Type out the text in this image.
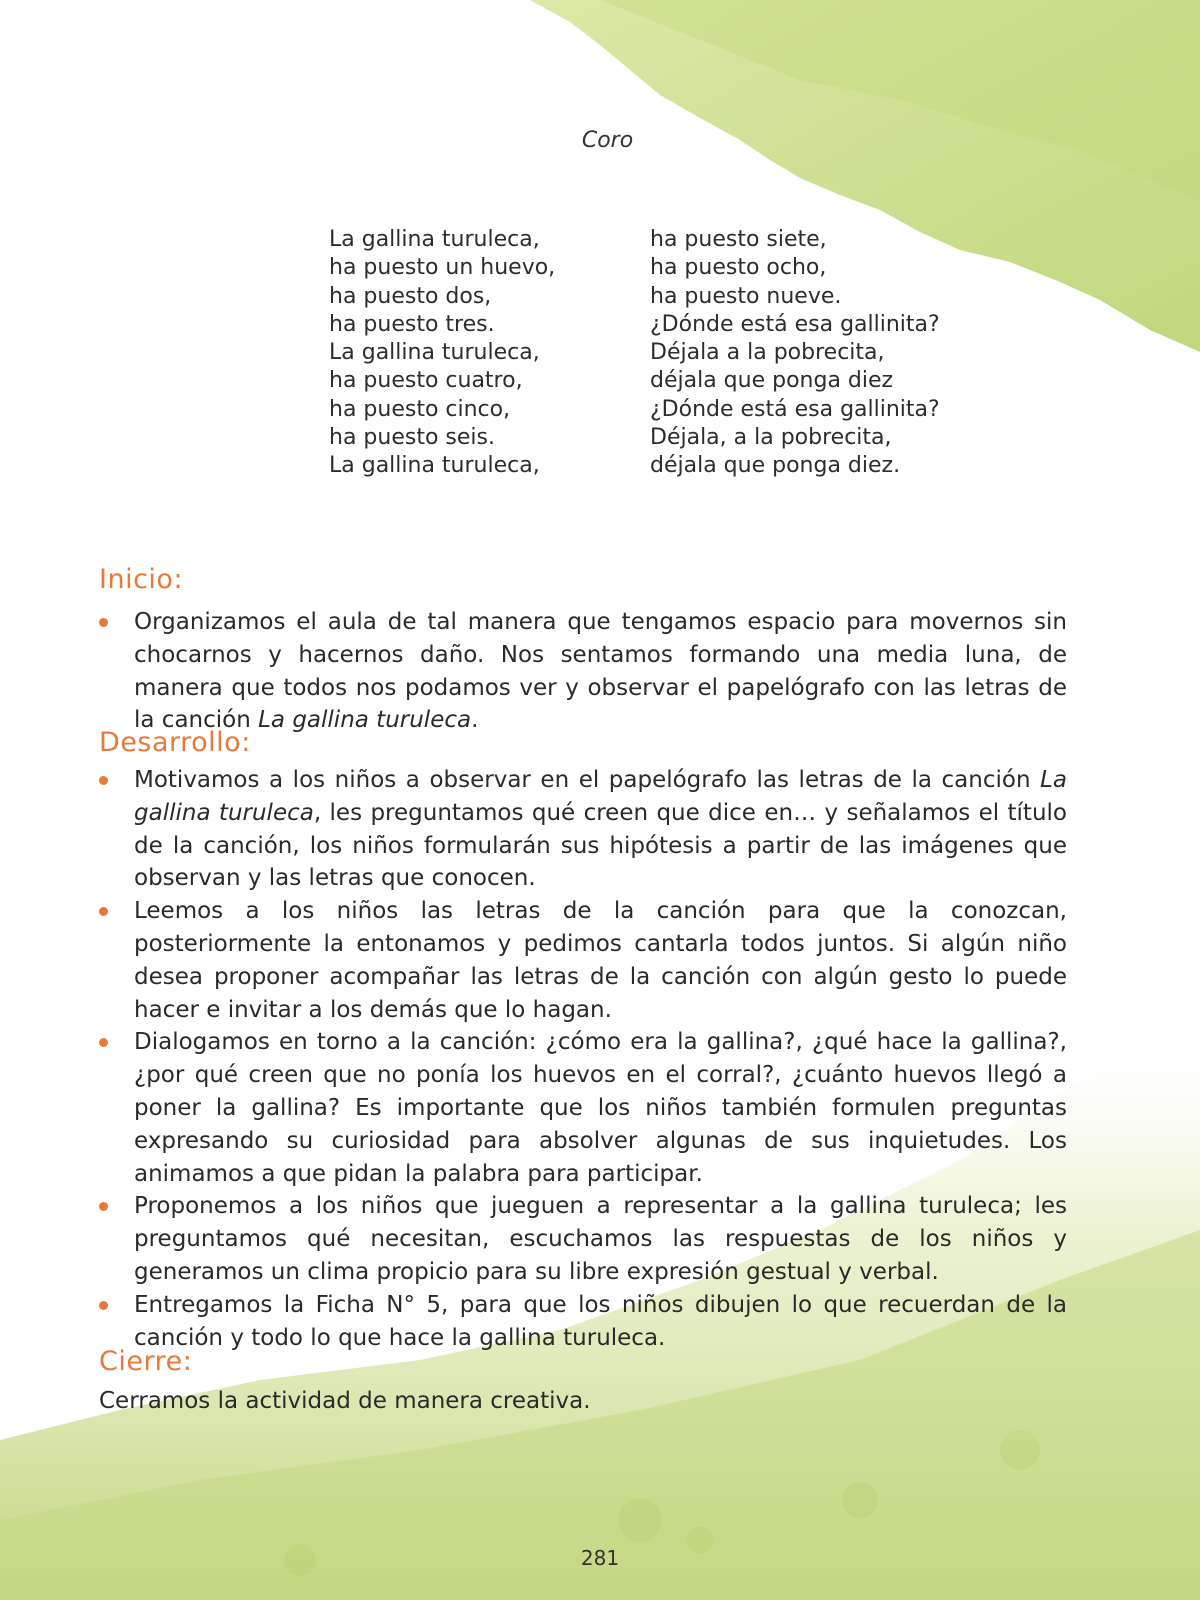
Coro
La gallina turuleca,
ha puesto un huevo,
ha puesto dos,
ha puesto tres.
La gallina turuleca,
ha puesto cuatro,
ha puesto cinco,
ha puesto seis.
La gallina turuleca,
ha puesto siete,
ha puesto ocho,
ha puesto nueve.
¿Dónde está esa gallinita?
Déjala a la pobrecita,
déjala que ponga diez
¿Dónde está esa gallinita?
Déjala, a la pobrecita,
déjala que ponga diez.
Inicio:
Organizamos el aula de tal manera que tengamos espacio para movernos sin chocarnos y hacernos daño. Nos sentamos formando una media luna, de manera que todos nos podamos ver y observar el papelógrafo con las letras de la canción La gallina turuleca.
Desarrollo:
Motivamos a los niños a observar en el papelógrafo las letras de la canción La gallina turuleca, les preguntamos qué creen que dice en… y señalamos el título de la canción, los niños formularán sus hipótesis a partir de las imágenes que observan y las letras que conocen.
Leemos a los niños las letras de la canción para que la conozcan, posteriormente la entonamos y pedimos cantarla todos juntos. Si algún niño desea proponer acompañar las letras de la canción con algún gesto lo puede hacer e invitar a los demás que lo hagan.
Dialogamos en torno a la canción: ¿cómo era la gallina?, ¿qué hace la gallina?, ¿por qué creen que no ponía los huevos en el corral?, ¿cuánto huevos llegó a poner la gallina? Es importante que los niños también formulen preguntas expresando su curiosidad para absolver algunas de sus inquietudes. Los animamos a que pidan la palabra para participar.
Proponemos a los niños que jueguen a representar a la gallina turuleca; les preguntamos qué necesitan, escuchamos las respuestas de los niños y generamos un clima propicio para su libre expresión gestual y verbal.
Entregamos la Ficha N° 5, para que los niños dibujen lo que recuerdan de la canción y todo lo que hace la gallina turuleca.
Cierre:
Cerramos la actividad de manera creativa.
281
